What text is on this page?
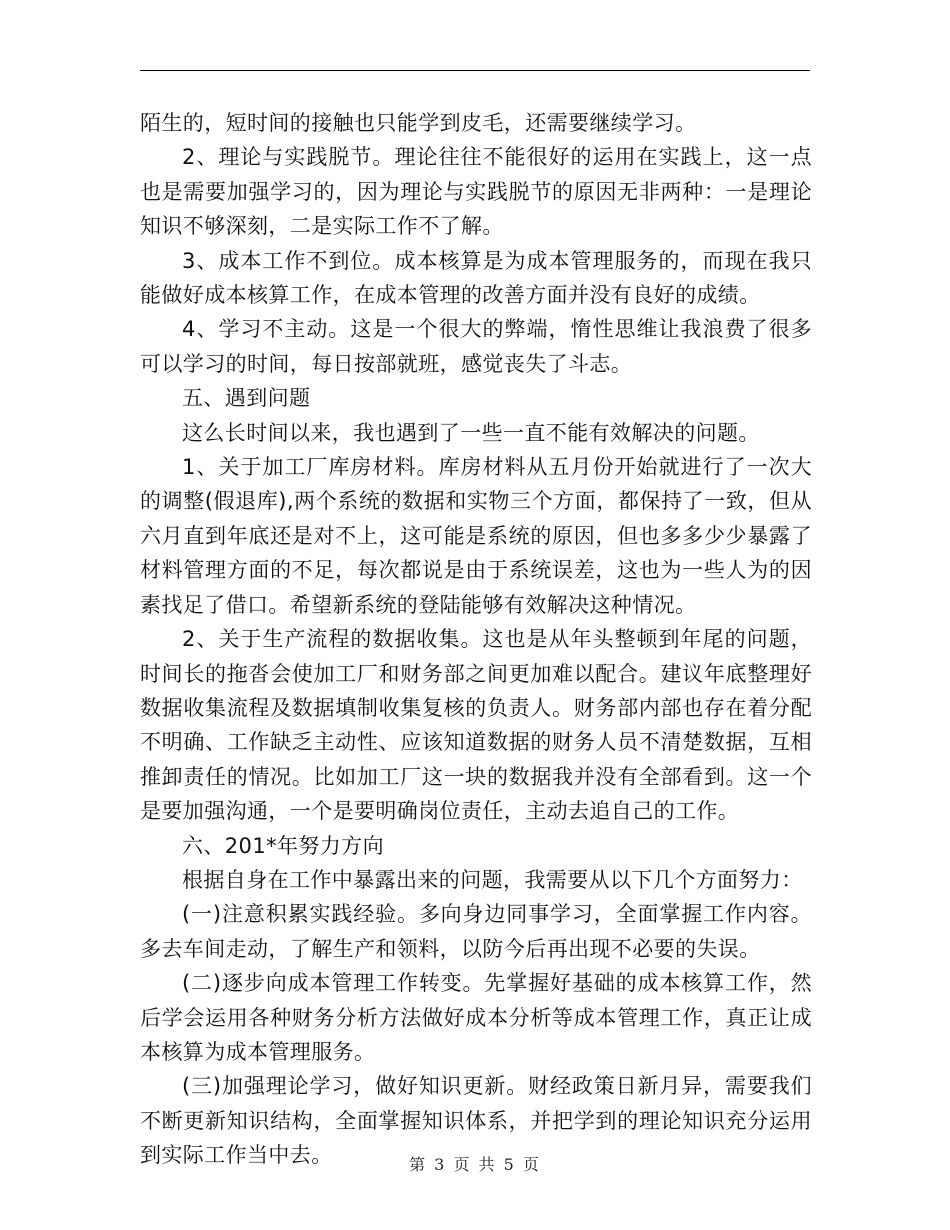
陌生的，短时间的接触也只能学到皮毛，还需要继续学习。

2、理论与实践脱节。理论往往不能很好的运用在实践上，这一点也是需要加强学习的，因为理论与实践脱节的原因无非两种：一是理论知识不够深刻，二是实际工作不了解。

3、成本工作不到位。成本核算是为成本管理服务的，而现在我只能做好成本核算工作，在成本管理的改善方面并没有良好的成绩。

4、学习不主动。这是一个很大的弊端，惰性思维让我浪费了很多可以学习的时间，每日按部就班，感觉丧失了斗志。

五、遇到问题

这么长时间以来，我也遇到了一些一直不能有效解决的问题。

1、关于加工厂库房材料。库房材料从五月份开始就进行了一次大的调整(假退库),两个系统的数据和实物三个方面，都保持了一致，但从六月直到年底还是对不上，这可能是系统的原因，但也多多少少暴露了材料管理方面的不足，每次都说是由于系统误差，这也为一些人为的因素找足了借口。希望新系统的登陆能够有效解决这种情况。

2、关于生产流程的数据收集。这也是从年头整顿到年尾的问题，时间长的拖沓会使加工厂和财务部之间更加难以配合。建议年底整理好数据收集流程及数据填制收集复核的负责人。财务部内部也存在着分配不明确、工作缺乏主动性、应该知道数据的财务人员不清楚数据，互相推卸责任的情况。比如加工厂这一块的数据我并没有全部看到。这一个是要加强沟通，一个是要明确岗位责任，主动去追自己的工作。

六、201*年努力方向

根据自身在工作中暴露出来的问题，我需要从以下几个方面努力：

(一)注意积累实践经验。多向身边同事学习，全面掌握工作内容。多去车间走动，了解生产和领料，以防今后再出现不必要的失误。

(二)逐步向成本管理工作转变。先掌握好基础的成本核算工作，然后学会运用各种财务分析方法做好成本分析等成本管理工作，真正让成本核算为成本管理服务。

(三)加强理论学习，做好知识更新。财经政策日新月异，需要我们不断更新知识结构，全面掌握知识体系，并把学到的理论知识充分运用到实际工作当中去。	第 3 页 共 5 页
